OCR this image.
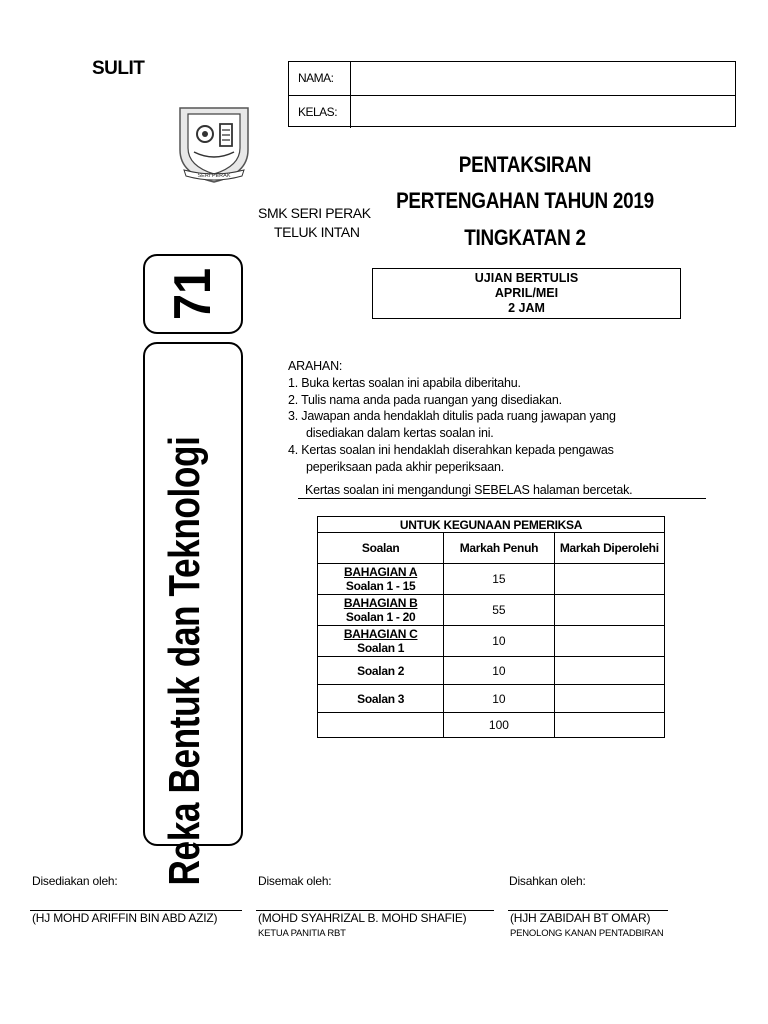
SULIT	NAMA:
KELAS:
SERI PERAK
SMK SERI PERAK
TELUK INTAN
PENTAKSIRAN
PERTENGAHAN TAHUN 2019
TINGKATAN 2
UJIAN BERTULIS
APRIL/MEI
2 JAM
71
Reka Bentuk dan Teknologi
ARAHAN:
1. Buka kertas soalan ini apabila diberitahu.
2. Tulis nama anda pada ruangan yang disediakan.
3. Jawapan anda hendaklah ditulis pada ruang jawapan yang
disediakan dalam kertas soalan ini.
4. Kertas soalan ini hendaklah diserahkan kepada pengawas
peperiksaan pada akhir peperiksaan.
Kertas soalan ini mengandungi SEBELAS halaman bercetak.
UNTUK KEGUNAAN PEMERIKSA		
Soalan	Markah Penuh	Markah Diperolehi

BAHAGIAN A
Soalan 1 - 15	15	

BAHAGIAN B
Soalan 1 - 20	55	

BAHAGIAN C
Soalan 1	10	
Soalan 2	10	
Soalan 3	10	
	100	
Disediakan oleh:
(HJ MOHD ARIFFIN BIN ABD AZIZ)
Disemak oleh:
(MOHD SYAHRIZAL B. MOHD SHAFIE)
KETUA PANITIA RBT
Disahkan oleh:
(HJH ZABIDAH BT OMAR)
PENOLONG KANAN PENTADBIRAN
